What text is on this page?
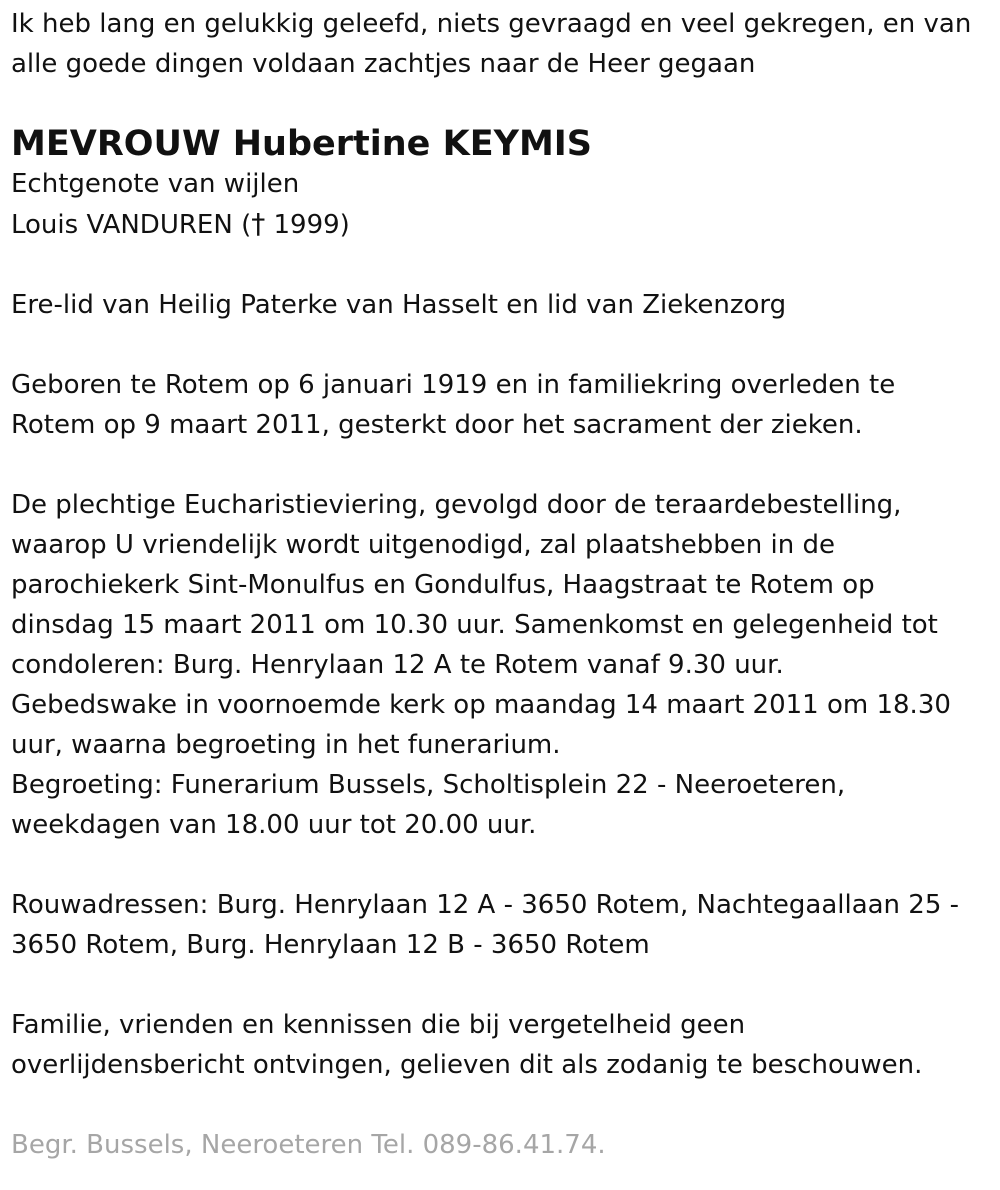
Ik heb lang en gelukkig geleefd, niets gevraagd en veel gekregen, en van
alle goede dingen voldaan zachtjes naar de Heer gegaan
MEVROUW Hubertine KEYMIS
Echtgenote van wijlen
Louis VANDUREN († 1999)
Ere-lid van Heilig Paterke van Hasselt en lid van Ziekenzorg
Geboren te Rotem op 6 januari 1919 en in familiekring overleden te
Rotem op 9 maart 2011, gesterkt door het sacrament der zieken.
De plechtige Eucharistieviering, gevolgd door de teraardebestelling,
waarop U vriendelijk wordt uitgenodigd, zal plaatshebben in de
parochiekerk Sint-Monulfus en Gondulfus, Haagstraat te Rotem op
dinsdag 15 maart 2011 om 10.30 uur. Samenkomst en gelegenheid tot
condoleren: Burg. Henrylaan 12 A te Rotem vanaf 9.30 uur.
Gebedswake in voornoemde kerk op maandag 14 maart 2011 om 18.30
uur, waarna begroeting in het funerarium.
Begroeting: Funerarium Bussels, Scholtisplein 22 - Neeroeteren,
weekdagen van 18.00 uur tot 20.00 uur.
Rouwadressen: Burg. Henrylaan 12 A - 3650 Rotem, Nachtegaallaan 25 -
3650 Rotem, Burg. Henrylaan 12 B - 3650 Rotem
Familie, vrienden en kennissen die bij vergetelheid geen
overlijdensbericht ontvingen, gelieven dit als zodanig te beschouwen.
Begr. Bussels, Neeroeteren Tel. 089-86.41.74.
